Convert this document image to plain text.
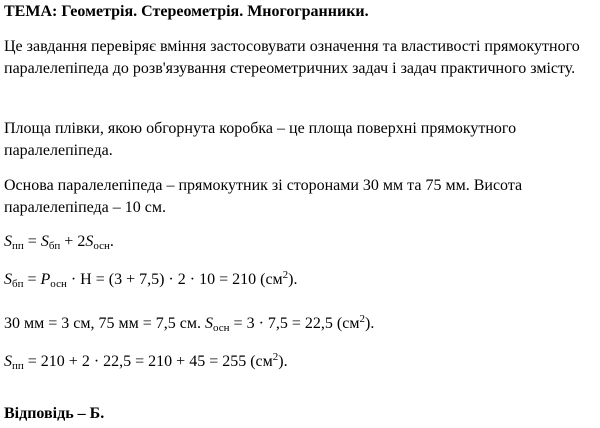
ТЕМА: Геометрія. Стереометрія. Многогранники.
Це завдання перевіряє вміння застосовувати означення та властивості прямокутного паралелепіпеда до розв'язування стереометричних задач і задач практичного змісту.
Площа плівки, якою обгорнута коробка – це площа поверхні прямокутного паралелепіпеда.
Основа паралелепіпеда – прямокутник зі сторонами 30 мм та 75 мм. Висота паралелепіпеда – 10 см.
$S_{пп} = S_{бп} + 2S_{осн}$.
$S_{бп} = P_{осн} \cdot H = (3 + 7,5) \cdot 2 \cdot 10 = 210$ $(см^2)$.
30 мм = 3 см, 75 мм = 7,5 см. $S_{осн} = 3 \cdot 7,5 = 22,5$ $(см^2)$.
$S_{пп} = 210 + 2 \cdot 22,5 = 210 + 45 = 255$ $(см^2)$.
Відповідь – Б.
